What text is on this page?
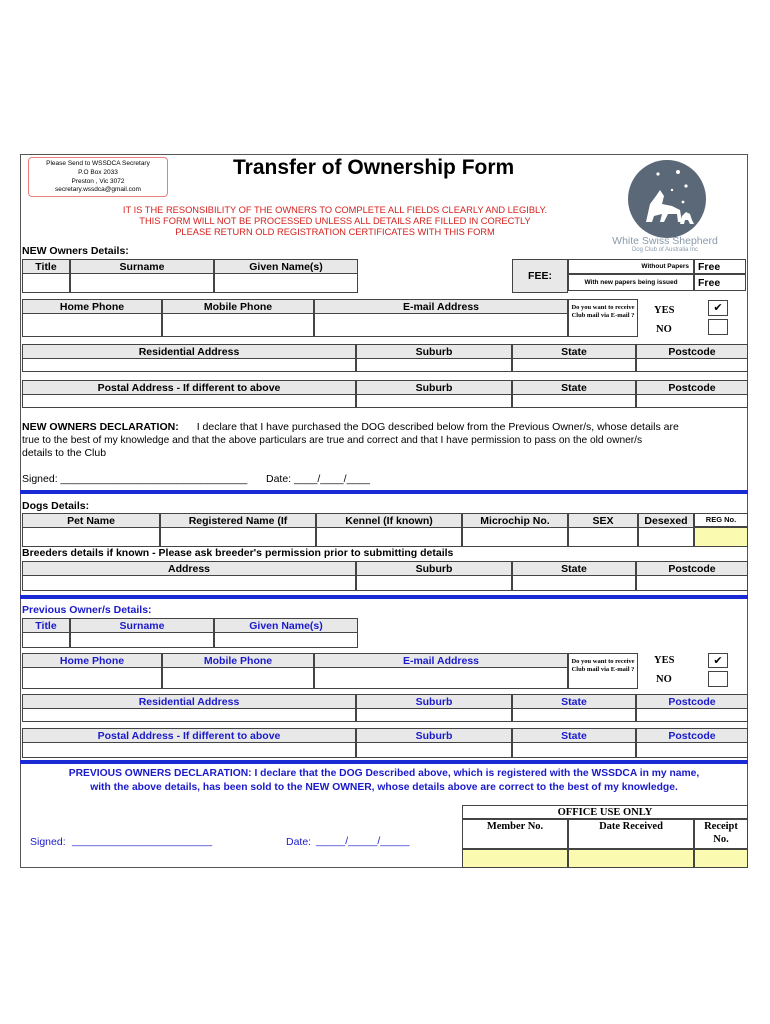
Please Send to WSSDCA Secretary
P.O Box 2033
Preston , Vic 3072
secretary.wssdca@gmail.com
Transfer of Ownership Form
IT IS THE RESONSIBILITY OF THE OWNERS TO COMPLETE ALL FIELDS CLEARLY AND LEGIBLY.
THIS FORM WILL NOT BE PROCESSED UNLESS ALL DETAILS ARE FILLED IN CORECTLY
PLEASE RETURN OLD REGISTRATION CERTIFICATES WITH THIS FORM
White Swiss Shepherd
Dog Club of Australia Inc
NEW Owners Details:
Title	Surname	Given Name(s)
FEE:
Without Papers Free
With new papers being issued	Free
Home Phone	Mobile Phone	E-mail Address	Do you want to receive Club mail via E-mail ?	YES	✔
NO
Residential Address	Suburb	State	Postcode
Postal Address - If different to above	Suburb	State	Postcode
NEW OWNERS DECLARATION: I declare that I have purchased the DOG described below from the Previous Owner/s, whose details are
true to the best of my knowledge and that the above particulars are true and correct and that I have permission to pass on the old owner/s
details to the Club
Signed: ________________________________ Date: ____/____/____
Dogs Details:
Pet Name	Registered Name (If	Kennel (If known)	Microchip No.	SEX	Desexed	REG No.
Breeders details if known - Please ask breeder's permission prior to submitting details
Address	Suburb	State	Postcode
Previous Owner/s Details:
Title	Surname	Given Name(s)
Home Phone	Mobile Phone	E-mail Address	Do you want to receive Club mail via E-mail ?
YES	✔
NO
Residential Address	Suburb	State	Postcode
Postal Address - If different to above	Suburb	State	Postcode
PREVIOUS OWNERS DECLARATION: I declare that the DOG Described above, which is registered with the WSSDCA in my name,
with the above details, has been sold to the NEW OWNER, whose details above are correct to the best of my knowledge.
Signed: ________________________	Date: _____/_____/_____
OFFICE USE ONLY
Member No.	Date Received	Receipt
No.
